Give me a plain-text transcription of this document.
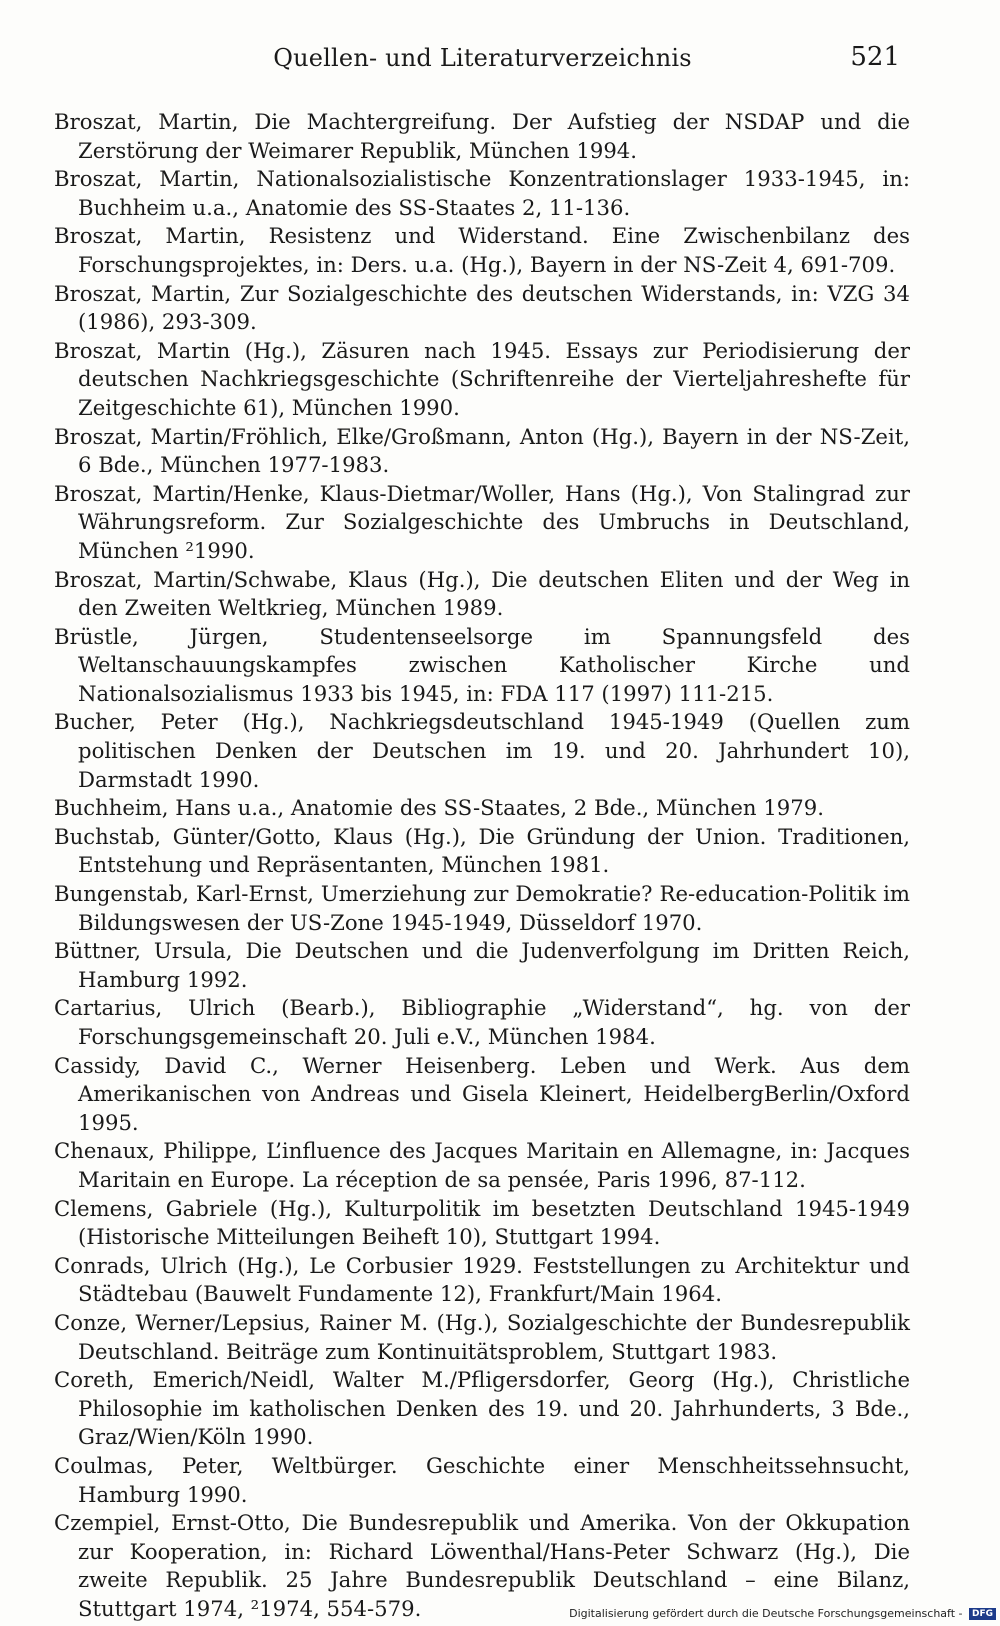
Quellen- und Literaturverzeichnis	521

Broszat, Martin, Die Machtergreifung. Der Aufstieg der NSDAP und die Zerstörung der Weimarer Republik, München 1994.

Broszat, Martin, Nationalsozialistische Konzentrationslager 1933-1945, in: Buchheim u.a., Anatomie des SS-Staates 2, 11-136.

Broszat, Martin, Resistenz und Widerstand. Eine Zwischenbilanz des Forschungsprojektes, in: Ders. u.a. (Hg.), Bayern in der NS-Zeit 4, 691-709.

Broszat, Martin, Zur Sozialgeschichte des deutschen Widerstands, in: VZG 34 (1986), 293-309.

Broszat, Martin (Hg.), Zäsuren nach 1945. Essays zur Periodisierung der deutschen Nachkriegsgeschichte (Schriftenreihe der Vierteljahreshefte für Zeitgeschichte 61), München 1990.

Broszat, Martin/Fröhlich, Elke/Großmann, Anton (Hg.), Bayern in der NS-Zeit, 6 Bde., München 1977-1983.

Broszat, Martin/Henke, Klaus-Dietmar/Woller, Hans (Hg.), Von Stalingrad zur Währungsreform. Zur Sozialgeschichte des Umbruchs in Deutschland, München ²1990.

Broszat, Martin/Schwabe, Klaus (Hg.), Die deutschen Eliten und der Weg in den Zweiten Weltkrieg, München 1989.

Brüstle, Jürgen, Studentenseelsorge im Spannungsfeld des Weltanschauungskampfes zwischen Katholischer Kirche und Nationalsozialismus 1933 bis 1945, in: FDA 117 (1997) 111-215.

Bucher, Peter (Hg.), Nachkriegsdeutschland 1945-1949 (Quellen zum politischen Denken der Deutschen im 19. und 20. Jahrhundert 10), Darmstadt 1990.

Buchheim, Hans u.a., Anatomie des SS-Staates, 2 Bde., München 1979.

Buchstab, Günter/Gotto, Klaus (Hg.), Die Gründung der Union. Traditionen, Entstehung und Repräsentanten, München 1981.

Bungenstab, Karl-Ernst, Umerziehung zur Demokratie? Re-education-Politik im Bildungswesen der US-Zone 1945-1949, Düsseldorf 1970.

Büttner, Ursula, Die Deutschen und die Judenverfolgung im Dritten Reich, Hamburg 1992.

Cartarius, Ulrich (Bearb.), Bibliographie „Widerstand“, hg. von der Forschungsgemeinschaft 20. Juli e.V., München 1984.

Cassidy, David C., Werner Heisenberg. Leben und Werk. Aus dem Amerikanischen von Andreas und Gisela Kleinert, HeidelbergBerlin/Oxford 1995.

Chenaux, Philippe, L’influence des Jacques Maritain en Allemagne, in: Jacques Maritain en Europe. La réception de sa pensée, Paris 1996, 87-112.

Clemens, Gabriele (Hg.), Kulturpolitik im besetzten Deutschland 1945-1949 (Historische Mitteilungen Beiheft 10), Stuttgart 1994.

Conrads, Ulrich (Hg.), Le Corbusier 1929. Feststellungen zu Architektur und Städtebau (Bauwelt Fundamente 12), Frankfurt/Main 1964.

Conze, Werner/Lepsius, Rainer M. (Hg.), Sozialgeschichte der Bundesrepublik Deutschland. Beiträge zum Kontinuitätsproblem, Stuttgart 1983.

Coreth, Emerich/Neidl, Walter M./Pfligersdorfer, Georg (Hg.), Christliche Philosophie im katholischen Denken des 19. und 20. Jahrhunderts, 3 Bde., Graz/Wien/Köln 1990.

Coulmas, Peter, Weltbürger. Geschichte einer Menschheitssehnsucht, Hamburg 1990.

Czempiel, Ernst-Otto, Die Bundesrepublik und Amerika. Von der Okkupation zur Kooperation, in: Richard Löwenthal/Hans-Peter Schwarz (Hg.), Die zweite Republik. 25 Jahre Bundesrepublik Deutschland – eine Bilanz, Stuttgart 1974, ²1974, 554-579.	Digitalisierung gefördert durch die Deutsche Forschungsgemeinschaft - DFG
